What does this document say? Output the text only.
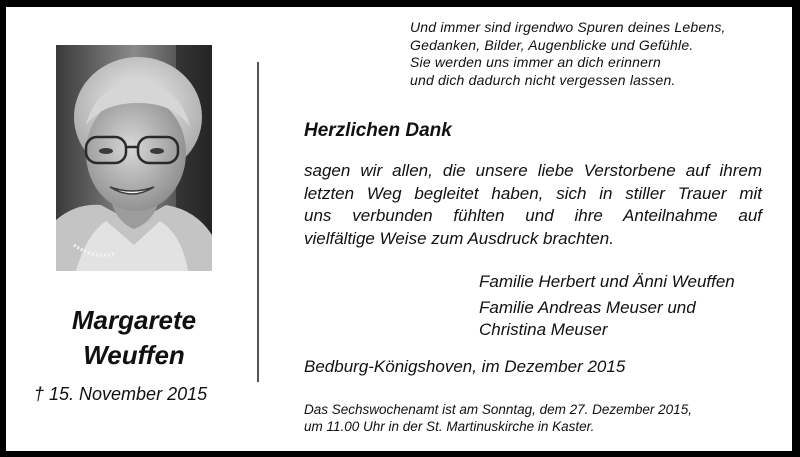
Und immer sind irgendwo Spuren deines Lebens,
Gedanken, Bilder, Augenblicke und Gefühle.
Sie werden uns immer an dich erinnern
und dich dadurch nicht vergessen lassen.
Margarete
Weuffen
† 15. November 2015
Herzlichen Dank
sagen wir allen, die unsere liebe Verstorbene auf ihrem
letzten Weg begleitet haben, sich in stiller Trauer mit
uns verbunden fühlten und ihre Anteilnahme auf
vielfältige Weise zum Ausdruck brachten.
Familie Herbert und Änni Weuffen
Familie Andreas Meuser und
Christina Meuser
Bedburg-Königshoven, im Dezember 2015
Das Sechswochenamt ist am Sonntag, dem 27. Dezember 2015,
um 11.00 Uhr in der St. Martinuskirche in Kaster.
